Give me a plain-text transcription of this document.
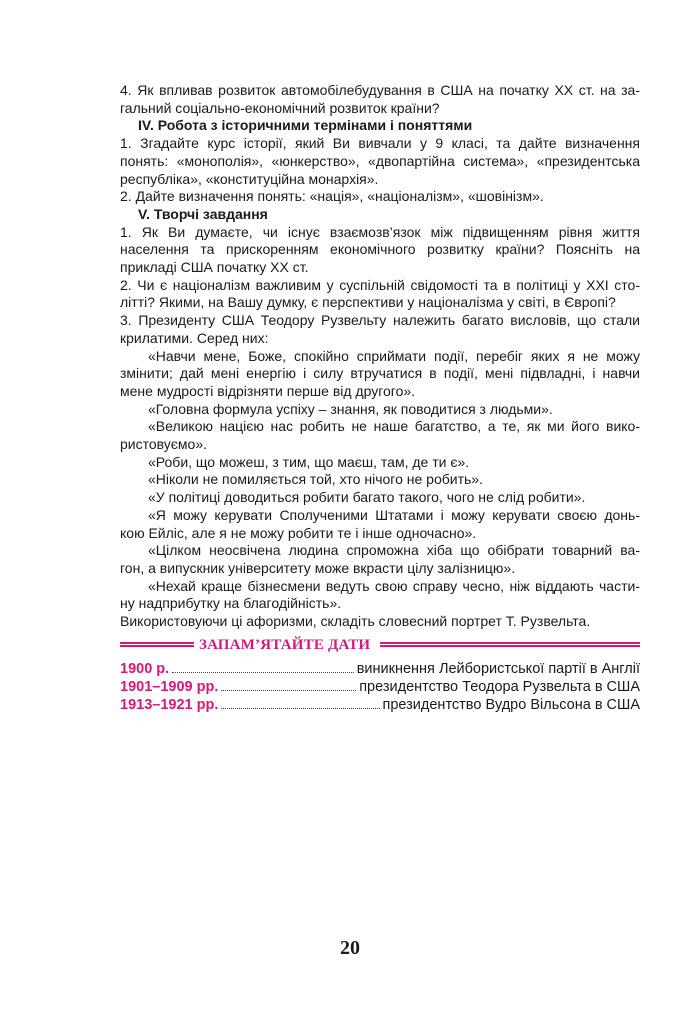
4. Як впливав розвиток автомобілебудування в США на початку XX ст. на за-
гальний соціально-економічний розвиток країни?

IV. Робота з історичними термінами і поняттями

1. Згадайте курс історії, який Ви вивчали у 9 класі, та дайте визначення
понять: «монополія», «юнкерство», «двопартійна система», «президентська
республіка», «конституційна монархія».

2. Дайте визначення понять: «нація», «націоналізм», «шовінізм».

V. Творчі завдання

1. Як Ви думаєте, чи існує взаємозв’язок між підвищенням рівня життя
населення та прискоренням економічного розвитку країни? Поясніть на
прикладі США початку XX ст.

2. Чи є націоналізм важливим у суспільній свідомості та в політиці у XXI сто-
літті? Якими, на Вашу думку, є перспективи у націоналізма у світі, в Європі?

3. Президенту США Теодору Рузвельту належить багато висловів, що стали
крилатими. Серед них:

«Навчи мене, Боже, спокійно сприймати події, перебіг яких я не можу
змінити; дай мені енергію і силу втручатися в події, мені підвладні, і навчи
мене мудрості відрізняти перше від другого».

«Головна формула успіху – знання, як поводитися з людьми».

«Великою нацією нас робить не наше багатство, а те, як ми його вико-
ристовуємо».

«Роби, що можеш, з тим, що маєш, там, де ти є».

«Ніколи не помиляється той, хто нічого не робить».

«У політиці доводиться робити багато такого, чого не слід робити».

«Я можу керувати Сполученими Штатами і можу керувати своєю донь-
кою Ейліс, але я не можу робити те і інше одночасно».

«Цілком неосвічена людина спроможна хіба що обібрати товарний ва-
гон, а випускник університету може вкрасти цілу залізницю».

«Нехай краще бізнесмени ведуть свою справу чесно, ніж віддають части-
ну надприбутку на благодійність».

Використовуючи ці афоризми, складіть словесний портрет Т. Рузвельта.

ЗАПАМ’ЯТАЙТЕ ДАТИ
1900 р.	виникнення Лейбористської партії в Англії
1901–1909 рр.	президентство Теодора Рузвельта в США
1913–1921 рр.	президентство Вудро Вільсона в США
20
